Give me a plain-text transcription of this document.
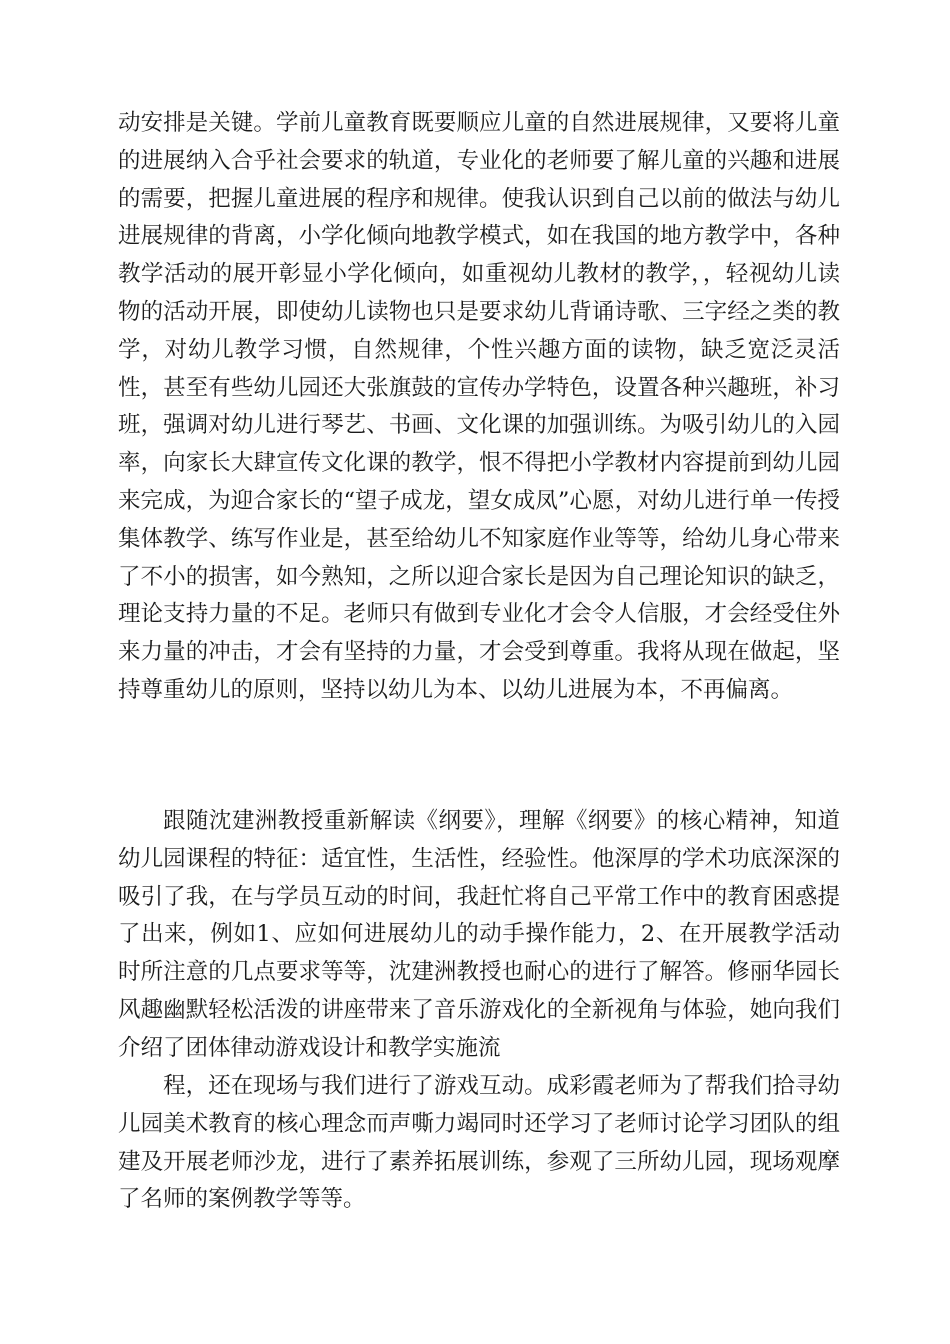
动安排是关键。学前儿童教育既要顺应儿童的自然进展规律，又要将儿童的进展纳入合乎社会要求的轨道，专业化的老师要了解儿童的兴趣和进展的需要，把握儿童进展的程序和规律。使我认识到自己以前的做法与幼儿进展规律的背离，小学化倾向地教学模式，如在我国的地方教学中，各种教学活动的展开彰显小学化倾向，如重视幼儿教材的教学，，轻视幼儿读物的活动开展，即使幼儿读物也只是要求幼儿背诵诗歌、三字经之类的教学，对幼儿教学习惯，自然规律，个性兴趣方面的读物，缺乏宽泛灵活性，甚至有些幼儿园还大张旗鼓的宣传办学特色，设置各种兴趣班，补习班，强调对幼儿进行琴艺、书画、文化课的加强训练。为吸引幼儿的入园率，向家长大肆宣传文化课的教学，恨不得把小学教材内容提前到幼儿园来完成，为迎合家长的“望子成龙，望女成凤”心愿，对幼儿进行单一传授集体教学、练写作业是，甚至给幼儿不知家庭作业等等，给幼儿身心带来了不小的损害，如今熟知，之所以迎合家长是因为自己理论知识的缺乏，理论支持力量的不足。老师只有做到专业化才会令人信服，才会经受住外来力量的冲击，才会有坚持的力量，才会受到尊重。我将从现在做起，坚持尊重幼儿的原则，坚持以幼儿为本、以幼儿进展为本，不再偏离。

跟随沈建洲教授重新解读《纲要》，理解《纲要》的核心精神，知道幼儿园课程的特征：适宜性，生活性，经验性。他深厚的学术功底深深的吸引了我，在与学员互动的时间，我赶忙将自己平常工作中的教育困惑提了出来，例如1、应如何进展幼儿的动手操作能力，2、在开展教学活动时所注意的几点要求等等，沈建洲教授也耐心的进行了解答。修丽华园长风趣幽默轻松活泼的讲座带来了音乐游戏化的全新视角与体验，她向我们介绍了团体律动游戏设计和教学实施流

程，还在现场与我们进行了游戏互动。成彩霞老师为了帮我们拾寻幼儿园美术教育的核心理念而声嘶力竭同时还学习了老师讨论学习团队的组建及开展老师沙龙，进行了素养拓展训练，参观了三所幼儿园，现场观摩了名师的案例教学等等。
